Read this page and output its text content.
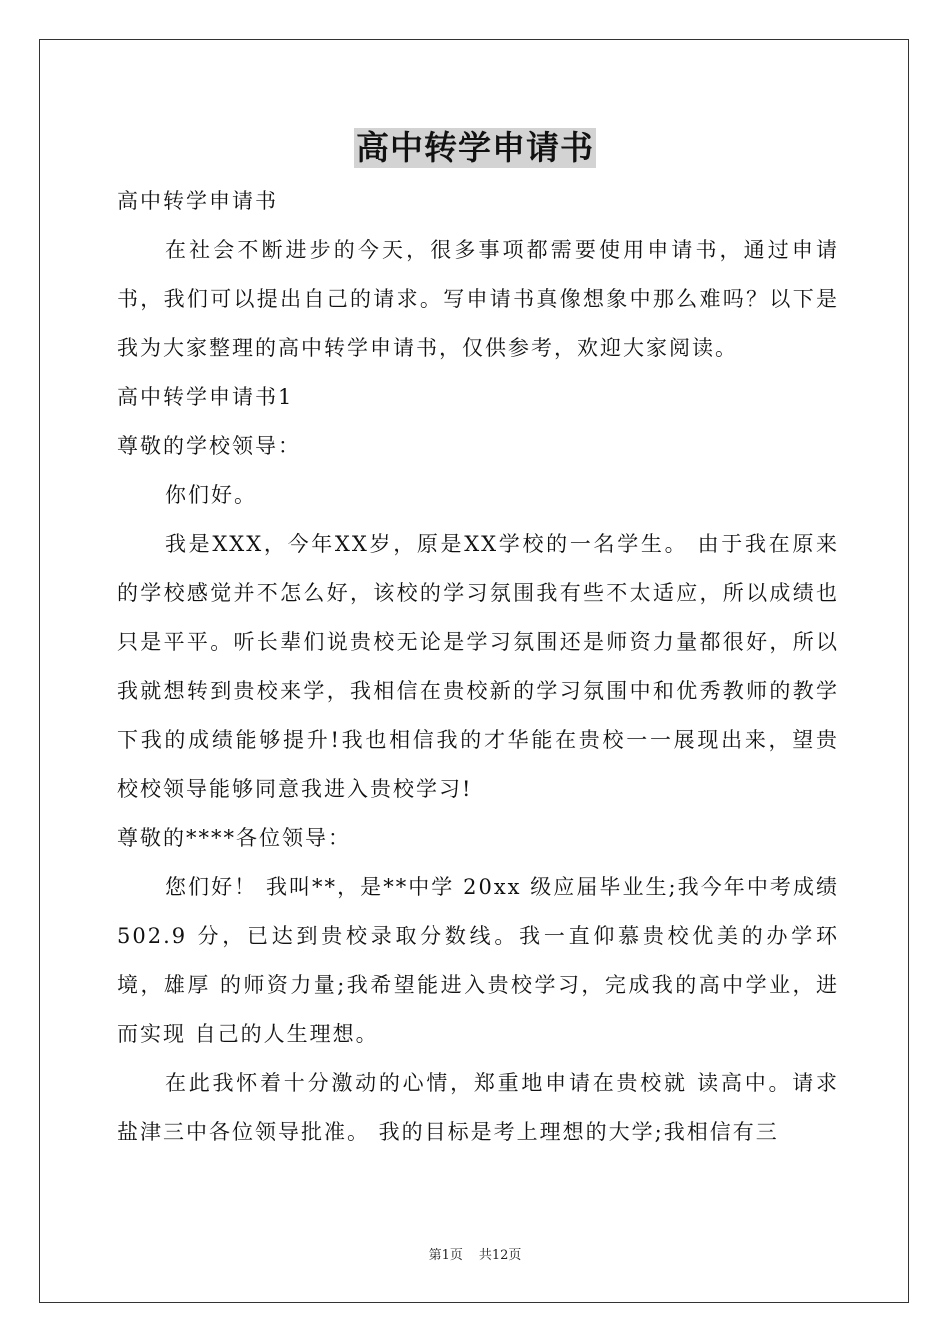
高中转学申请书

高中转学申请书

在社会不断进步的今天，很多事项都需要使用申请书，通过申请书，我们可以提出自己的请求。写申请书真像想象中那么难吗？以下是我为大家整理的高中转学申请书，仅供参考，欢迎大家阅读。

高中转学申请书1

尊敬的学校领导：

你们好。

我是XXX，今年XX岁，原是XX学校的一名学生。 由于我在原来的学校感觉并不怎么好，该校的学习氛围我有些不太适应，所以成绩也只是平平。听长辈们说贵校无论是学习氛围还是师资力量都很好，所以我就想转到贵校来学，我相信在贵校新的学习氛围中和优秀教师的教学下我的成绩能够提升!我也相信我的才华能在贵校一一展现出来，望贵校校领导能够同意我进入贵校学习!

尊敬的****各位领导：

您们好！ 我叫**，是**中学 20xx 级应届毕业生;我今年中考成绩 502.9 分，已达到贵校录取分数线。我一直仰慕贵校优美的办学环境，雄厚 的师资力量;我希望能进入贵校学习，完成我的高中学业，进而实现 自己的人生理想。

在此我怀着十分激动的心情，郑重地申请在贵校就 读高中。请求盐津三中各位领导批准。 我的目标是考上理想的大学;我相信有三

第1页 共12页
